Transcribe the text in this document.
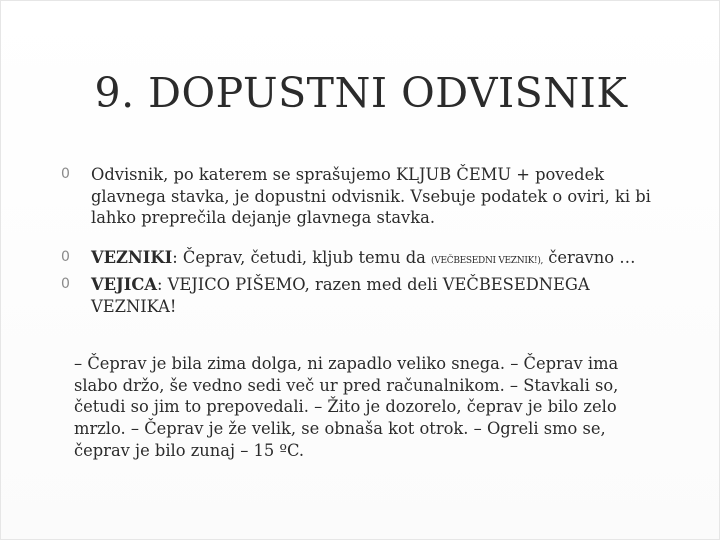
9. DOPUSTNI ODVISNIK
0 Odvisnik, po katerem se sprašujemo KLJUB ČEMU + povedek glavnega stavka, je dopustni odvisnik. Vsebuje podatek o oviri, ki bi lahko preprečila dejanje glavnega stavka.
0 VEZNIKI: Čeprav, četudi, kljub temu da (VEČBESEDNI VEZNIK!), čeravno …
0 VEJICA: VEJICO PIŠEMO, razen med deli VEČBESEDNEGA VEZNIKA!
– Čeprav je bila zima dolga, ni zapadlo veliko snega. – Čeprav ima slabo držo, še vedno sedi več ur pred računalnikom. – Stavkali so, četudi so jim to prepovedali. – Žito je dozorelo, čeprav je bilo zelo mrzlo. – Čeprav je že velik, se obnaša kot otrok. – Ogreli smo se, čeprav je bilo zunaj – 15 ºC.
